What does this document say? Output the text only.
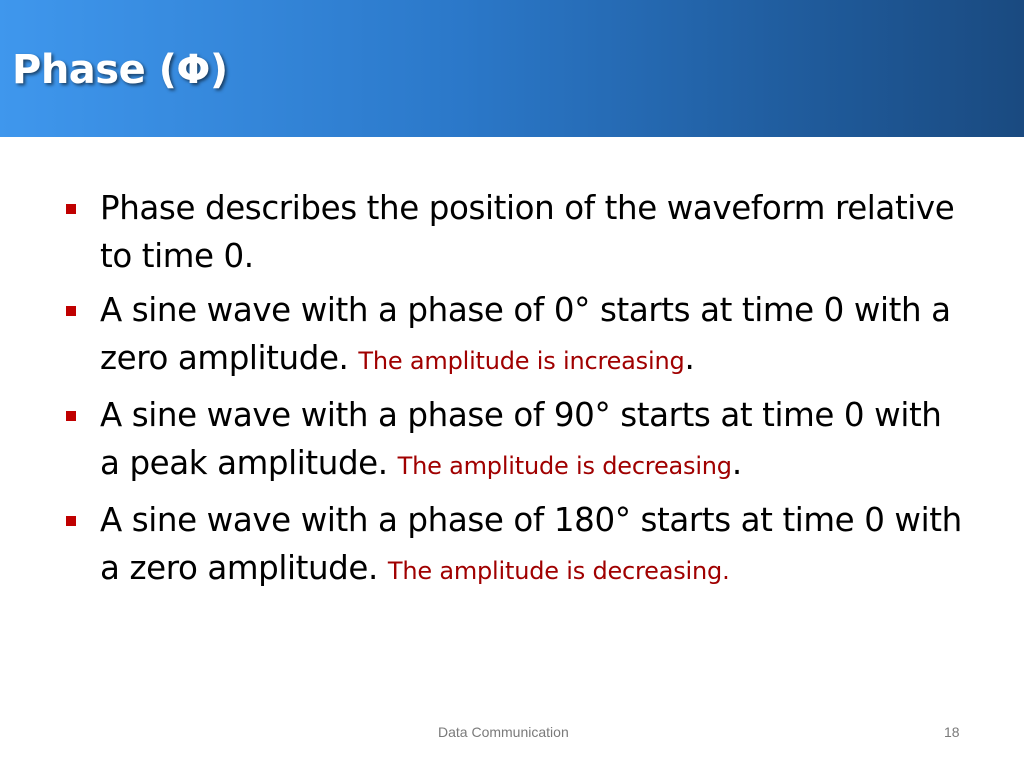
Phase (Φ)
Phase describes the position of the waveform relative to time 0.
A sine wave with a phase of 0° starts at time 0 with a zero amplitude. The amplitude is increasing.
A sine wave with a phase of 90° starts at time 0 with a peak amplitude. The amplitude is decreasing.
A sine wave with a phase of 180° starts at time 0 with a zero amplitude. The amplitude is decreasing.
Data Communication	18
